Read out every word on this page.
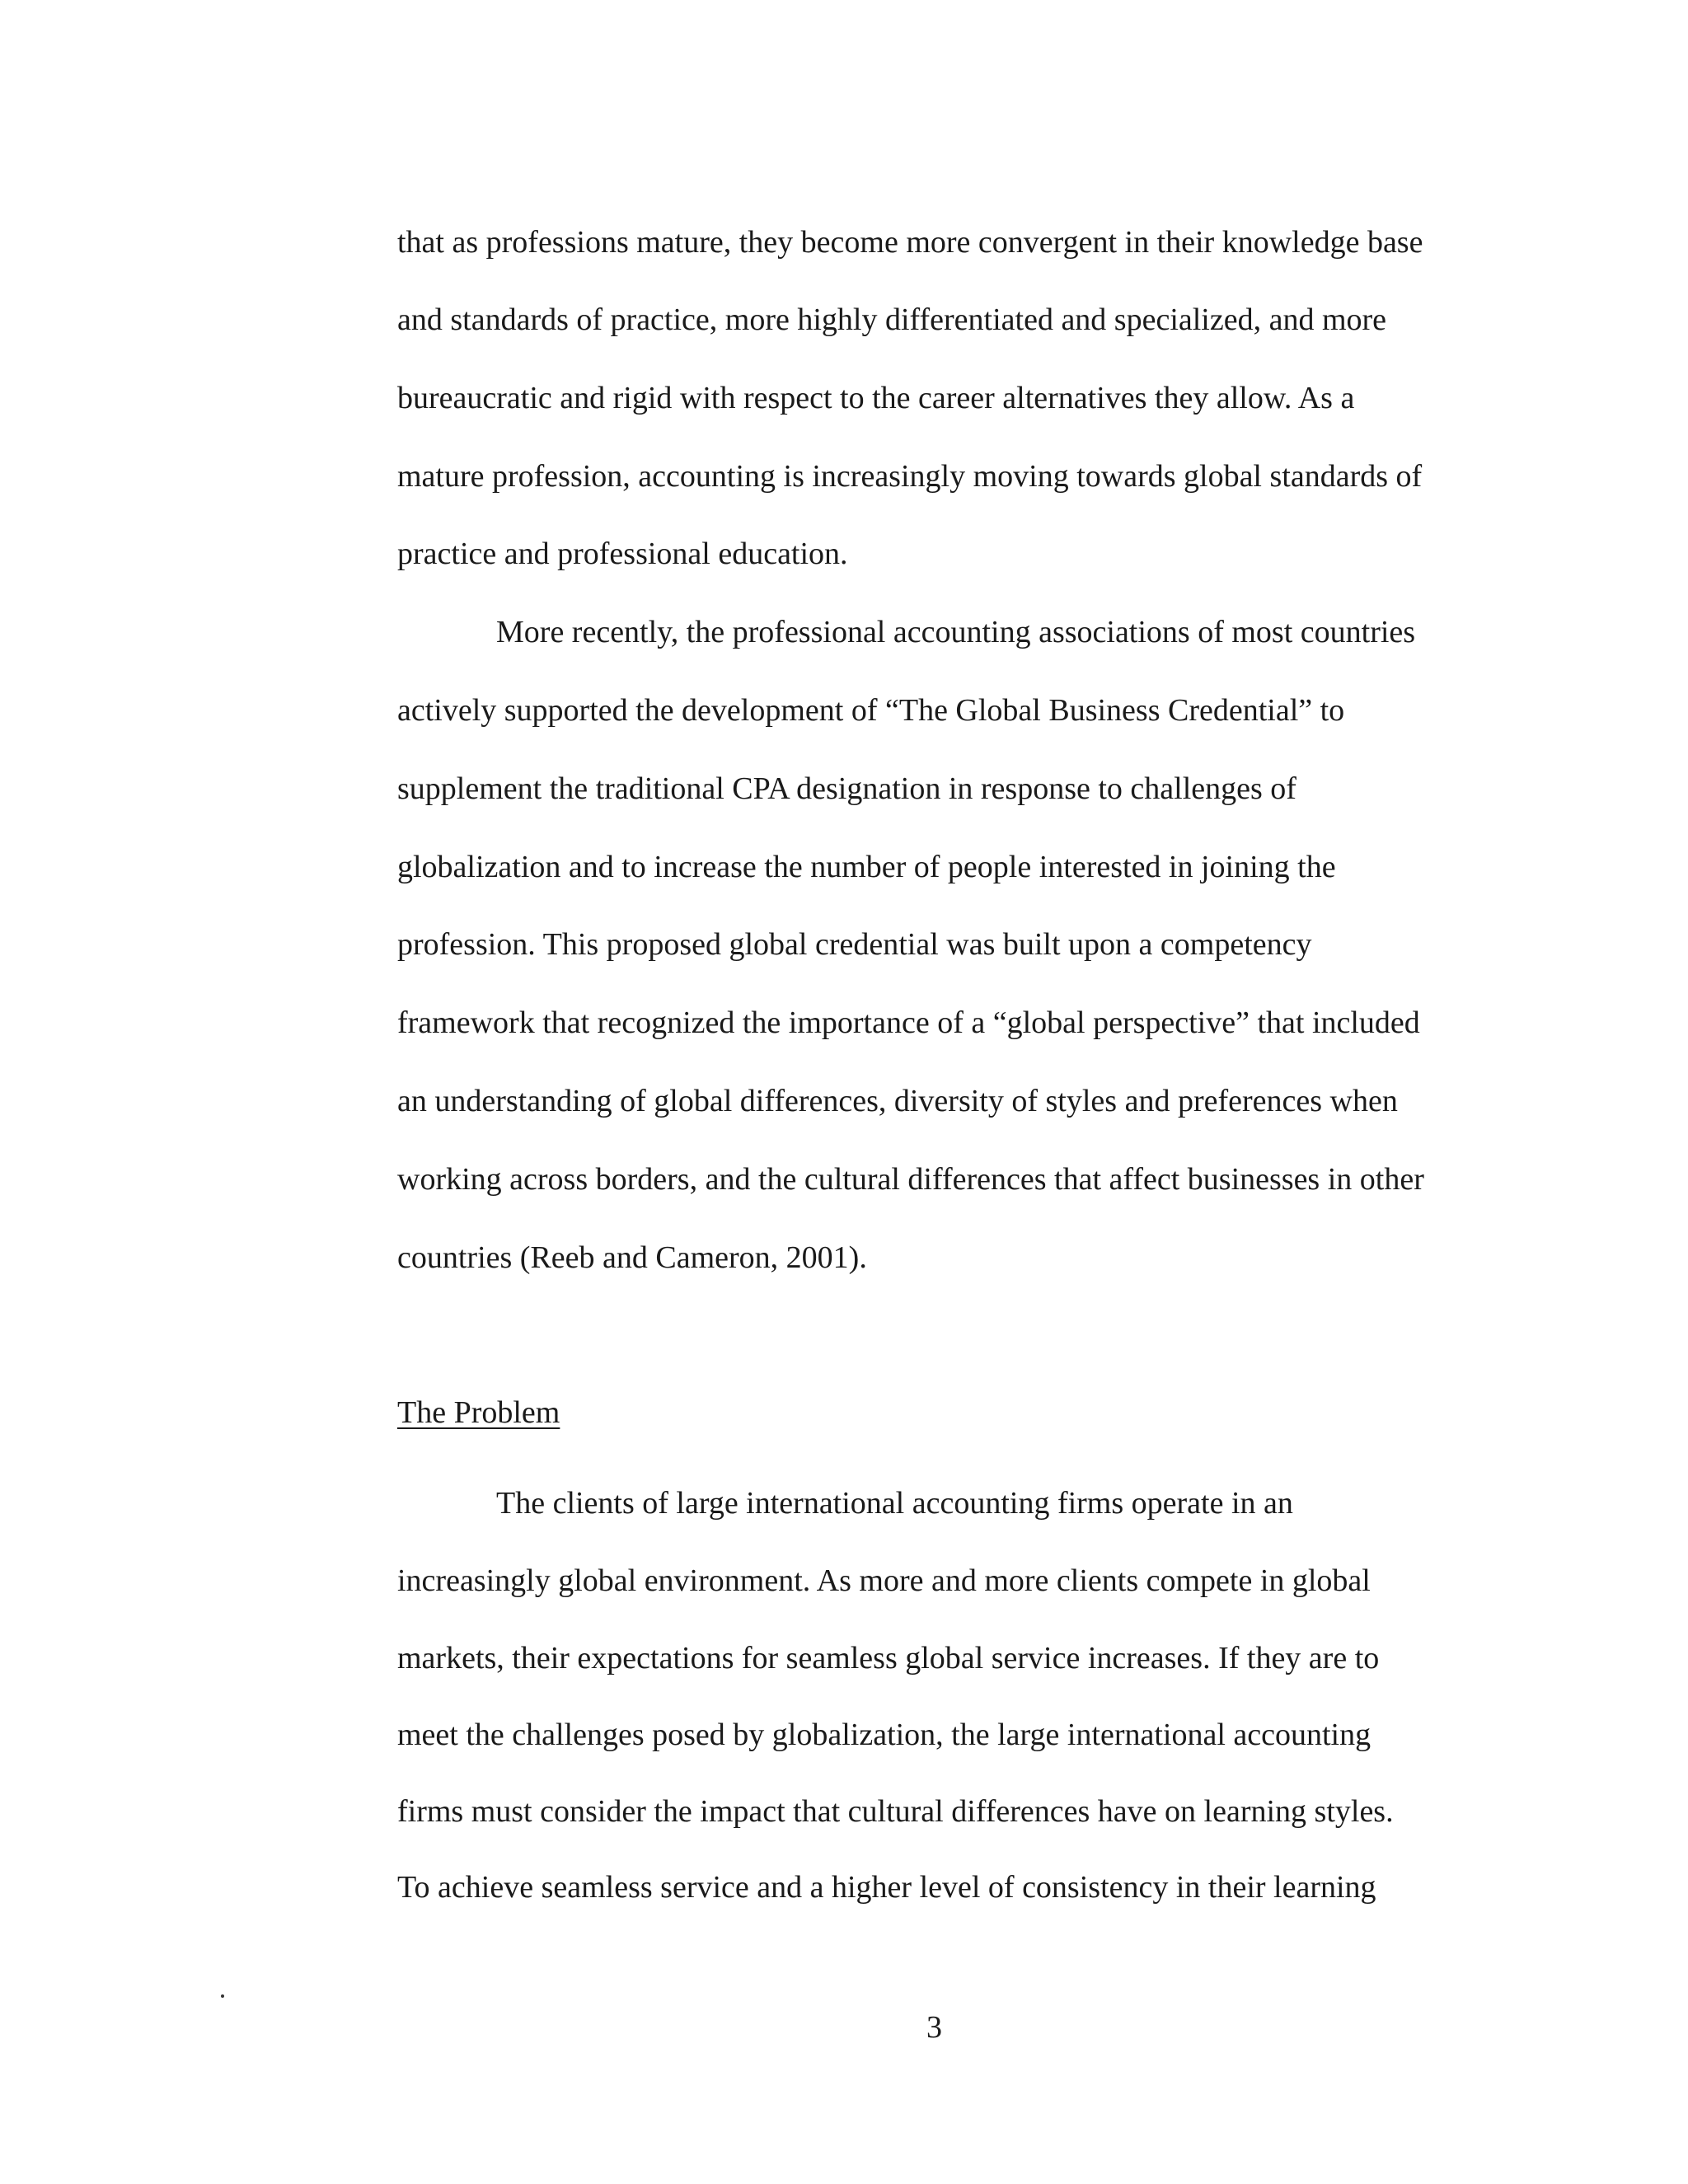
that as professions mature, they become more convergent in their knowledge base
and standards of practice, more highly differentiated and specialized, and more
bureaucratic and rigid with respect to the career alternatives they allow. As a
mature profession, accounting is increasingly moving towards global standards of
practice and professional education.
More recently, the professional accounting associations of most countries
actively supported the development of “The Global Business Credential” to
supplement the traditional CPA designation in response to challenges of
globalization and to increase the number of people interested in joining the
profession. This proposed global credential was built upon a competency
framework that recognized the importance of a “global perspective” that included
an understanding of global differences, diversity of styles and preferences when
working across borders, and the cultural differences that affect businesses in other
countries (Reeb and Cameron, 2001).
The Problem
The clients of large international accounting firms operate in an
increasingly global environment. As more and more clients compete in global
markets, their expectations for seamless global service increases. If they are to
meet the challenges posed by globalization, the large international accounting
firms must consider the impact that cultural differences have on learning styles.
To achieve seamless service and a higher level of consistency in their learning
3
